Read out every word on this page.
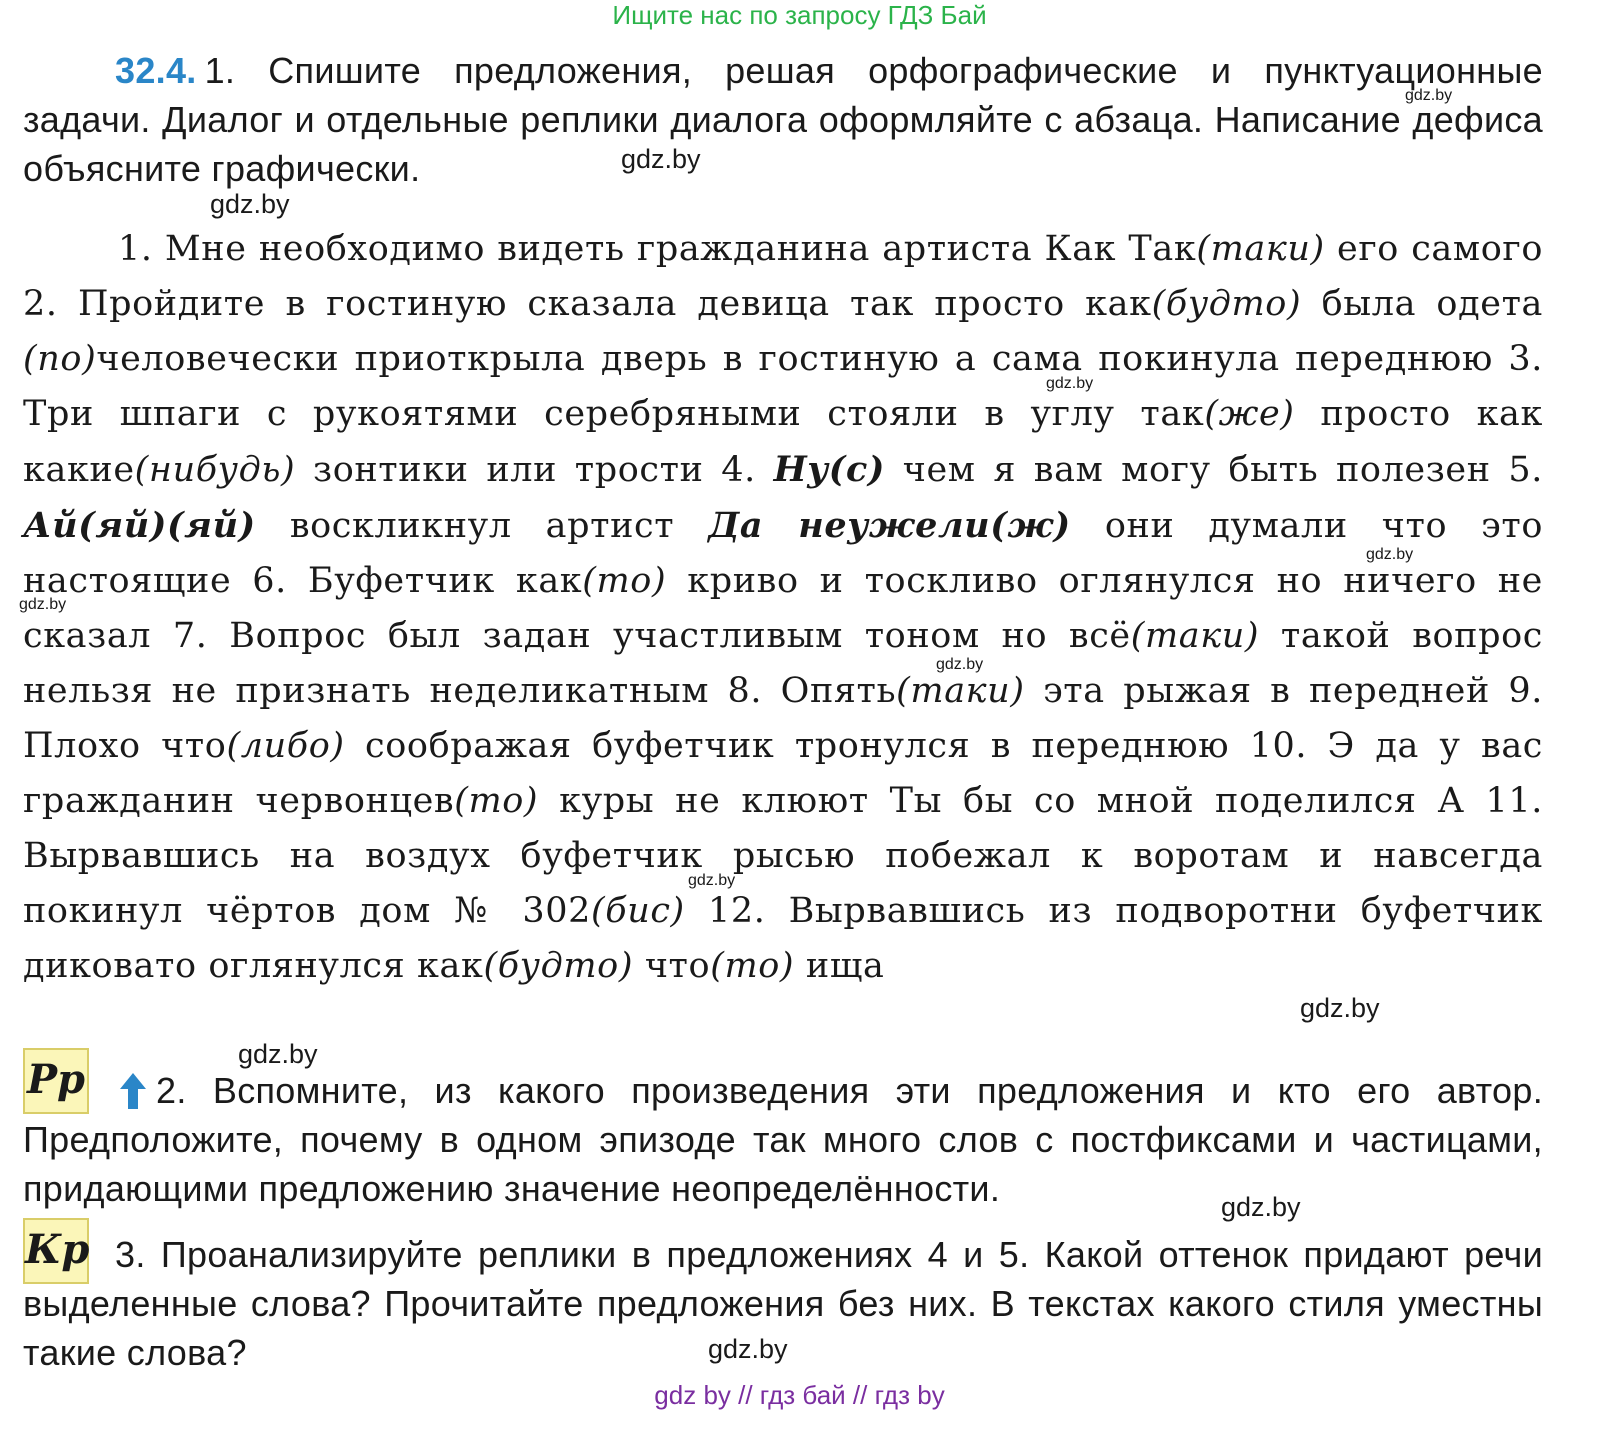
Ищите нас по запросу ГДЗ Бай
32.4. 1. Спишите предложения, решая орфографические и пунктуационные задачи. Диалог и отдельные реплики диалога оформляйте с абзаца. Написание дефиса объясните графически.
1. Мне необходимо видеть гражданина артиста Как Так(таки) его самого 2. Пройдите в гостиную сказала девица так просто как(будто) была одета (по)человечески приоткрыла дверь в гостиную а сама покинула переднюю 3. Три шпаги с рукоятями серебряными стояли в углу так(же) просто как какие(нибудь) зонтики или трости 4. Ну(с) чем я вам могу быть полезен 5. Ай(яй)(яй) воскликнул артист Да неужели(ж) они думали что это настоящие 6. Буфетчик как(то) криво и тоскливо оглянулся но ничего не сказал 7. Вопрос был задан участливым тоном но всё(таки) такой вопрос нельзя не признать неделикатным 8. Опять(таки) эта рыжая в передней 9. Плохо что(либо) соображая буфетчик тронулся в переднюю 10. Э да у вас гражданин червонцев(то) куры не клюют Ты бы со мной поделился А 11. Вырвавшись на воздух буфетчик рысью побежал к воротам и навсегда покинул чёртов дом № 302(бис) 12. Вырвавшись из подворотни буфетчик диковато оглянулся как(будто) что(то) ища
gdz.by
gdz.by
gdz.by
gdz.by
gdz.by
gdz.by
gdz.by
gdz.by
gdz.by
gdz.by
gdz.by
gdz.by
Рр	2. Вспомните, из какого произведения эти предложения и кто его автор. Предположите, почему в одном эпизоде так много слов с постфиксами и частицами, придающими предложению значение неопределённости.
Кр 3. Проанализируйте реплики в предложениях 4 и 5. Какой оттенок придают речи выделенные слова? Прочитайте предложения без них. В текстах какого стиля уместны такие слова?
gdz by // гдз бай // гдз by
